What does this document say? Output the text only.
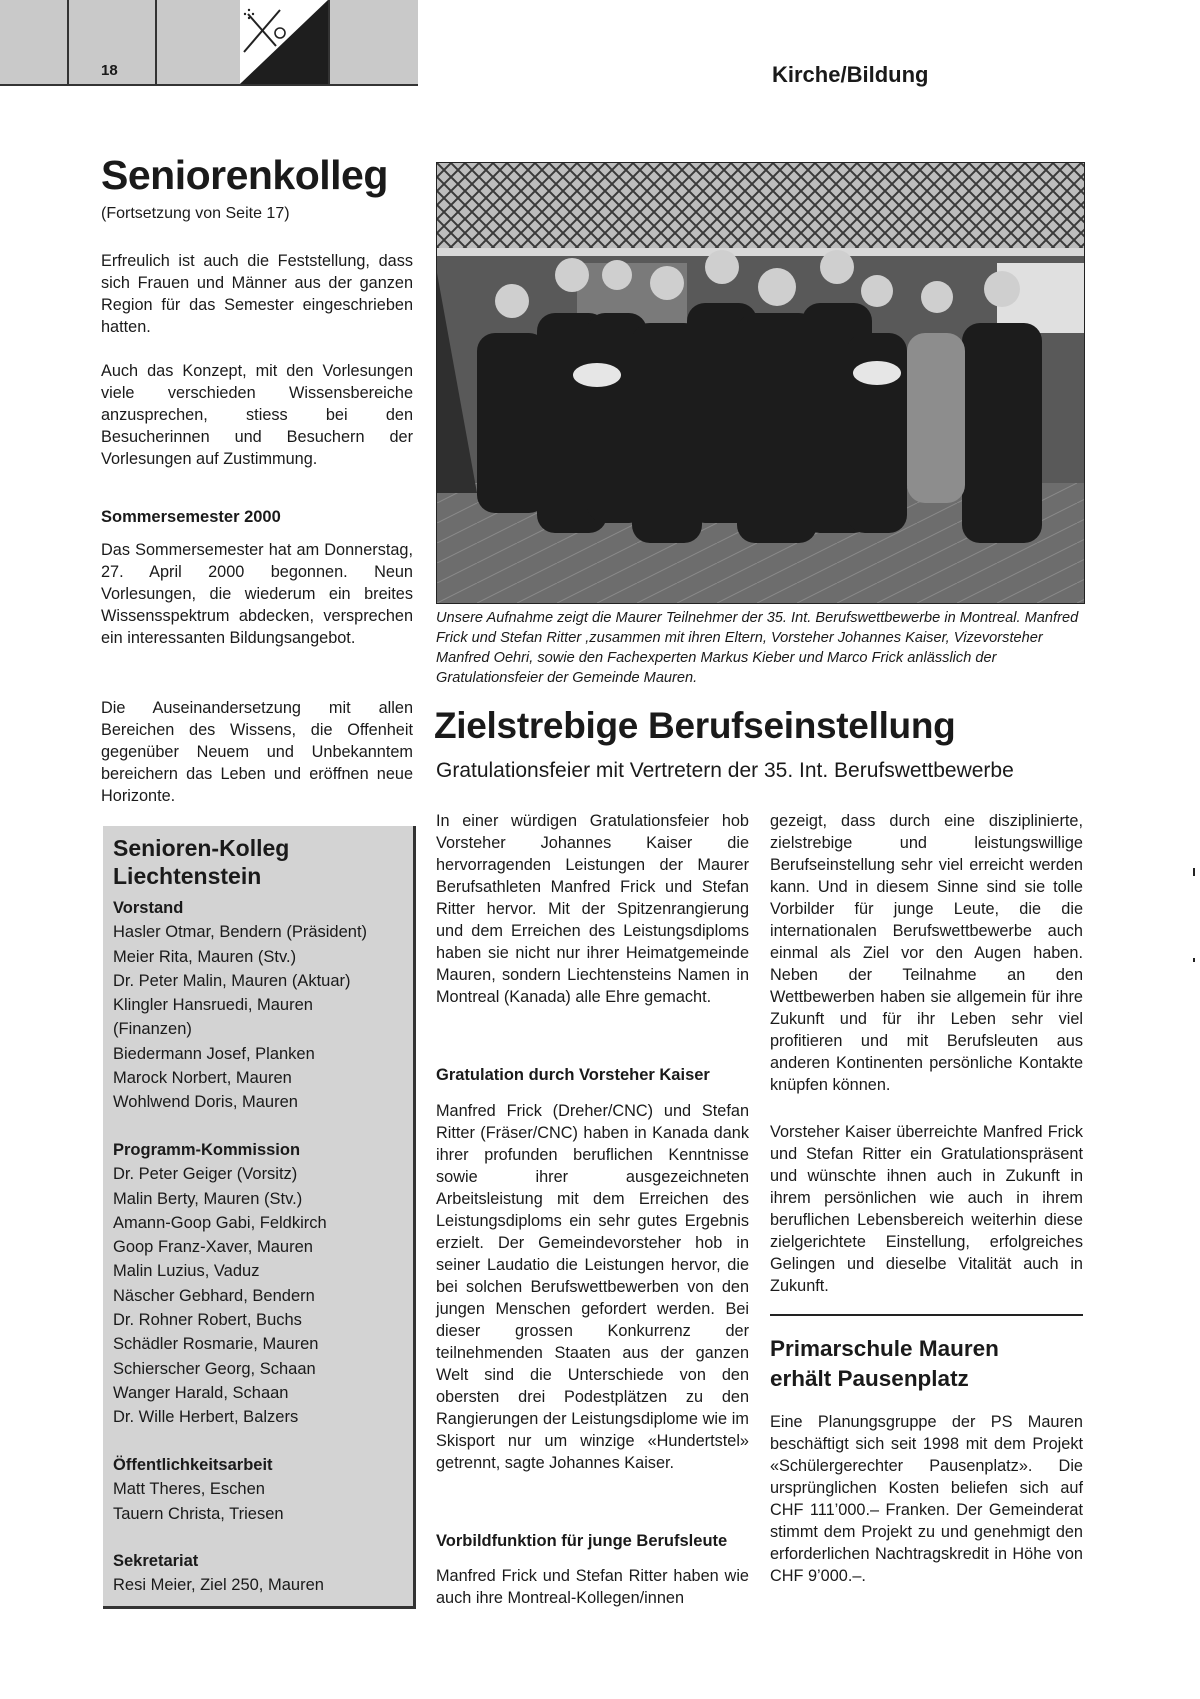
18	Kirche/Bildung
Seniorenkolleg
(Fortsetzung von Seite 17)

Erfreulich ist auch die Feststellung, dass sich Frauen und Männer aus der ganzen Region für das Semester eingeschrieben hatten.

Auch das Konzept, mit den Vorlesungen viele verschieden Wissensbereiche anzusprechen, stiess bei den Besucherinnen und Besuchern der Vorlesungen auf Zustimmung.

Sommersemester 2000

Das Sommersemester hat am Donnerstag, 27. April 2000 begonnen. Neun Vorlesungen, die wiederum ein breites Wissensspektrum abdecken, versprechen ein interessanten Bildungsangebot.

Die Auseinandersetzung mit allen Bereichen des Wissens, die Offenheit gegenüber Neuem und Unbekanntem bereichern das Leben und eröffnen neue Horizonte.

Senioren-Kolleg
Liechtenstein
Vorstand
Hasler Otmar, Bendern (Präsident)
Meier Rita, Mauren (Stv.)
Dr. Peter Malin, Mauren (Aktuar)
Klingler Hansruedi, Mauren
(Finanzen)
Biedermann Josef, Planken
Marock Norbert, Mauren
Wohlwend Doris, Mauren
Programm-Kommission
Dr. Peter Geiger (Vorsitz)
Malin Berty, Mauren (Stv.)
Amann-Goop Gabi, Feldkirch
Goop Franz-Xaver, Mauren
Malin Luzius, Vaduz
Näscher Gebhard, Bendern
Dr. Rohner Robert, Buchs
Schädler Rosmarie, Mauren
Schierscher Georg, Schaan
Wanger Harald, Schaan
Dr. Wille Herbert, Balzers
Öffentlichkeitsarbeit
Matt Theres, Eschen
Tauern Christa, Triesen
Sekretariat
Resi Meier, Ziel 250, Mauren
Unsere Aufnahme zeigt die Maurer Teilnehmer der 35. Int. Berufswettbewerbe in Montreal. Manfred Frick und Stefan Ritter ,zusammen mit ihren Eltern, Vorsteher Johannes Kaiser, Vizevorsteher Manfred Oehri, sowie den Fachexperten Markus Kieber und Marco Frick anlässlich der Gratulationsfeier der Gemeinde Mauren.
Zielstrebige Berufseinstellung
Gratulationsfeier mit Vertretern der 35. Int. Berufswettbewerbe

In einer würdigen Gratulationsfeier hob Vorsteher Johannes Kaiser die hervorragenden Leistungen der Maurer Berufsathleten Manfred Frick und Stefan Ritter hervor. Mit der Spitzenrangierung und dem Erreichen des Leistungsdiploms haben sie nicht nur ihrer Heimatgemeinde Mauren, sondern Liechtensteins Namen in Montreal (Kanada) alle Ehre gemacht.

Gratulation durch Vorsteher Kaiser

Manfred Frick (Dreher/CNC) und Stefan Ritter (Fräser/CNC) haben in Kanada dank ihrer profunden beruflichen Kenntnisse sowie ihrer ausgezeichneten Arbeitsleistung mit dem Erreichen des Leistungsdiploms ein sehr gutes Ergebnis erzielt. Der Gemeindevorsteher hob in seiner Laudatio die Leistungen hervor, die bei solchen Berufswettbewerben von den jungen Menschen gefordert werden. Bei dieser grossen Konkurrenz der teilnehmenden Staaten aus der ganzen Welt sind die Unterschiede von den obersten drei Podestplätzen zu den Rangierungen der Leistungsdiplome wie im Skisport nur um winzige «Hundertstel» getrennt, sagte Johannes Kaiser.

Vorbildfunktion für junge Berufsleute

Manfred Frick und Stefan Ritter haben wie auch ihre Montreal-Kollegen/innen

gezeigt, dass durch eine disziplinierte, zielstrebige und leistungswillige Berufseinstellung sehr viel erreicht werden kann. Und in diesem Sinne sind sie tolle Vorbilder für junge Leute, die die internationalen Berufswettbewerbe auch einmal als Ziel vor den Augen haben. Neben der Teilnahme an den Wettbewerben haben sie allgemein für ihre Zukunft und für ihr Leben sehr viel profitieren und mit Berufsleuten aus anderen Kontinenten persönliche Kontakte knüpfen können.

Vorsteher Kaiser überreichte Manfred Frick und Stefan Ritter ein Gratulationspräsent und wünschte ihnen auch in Zukunft in ihrem persönlichen wie auch in ihrem beruflichen Lebensbereich weiterhin diese zielgerichtete Einstellung, erfolgreiches Gelingen und dieselbe Vitalität auch in Zukunft.

Primarschule Mauren
erhält Pausenplatz

Eine Planungsgruppe der PS Mauren beschäftigt sich seit 1998 mit dem Projekt «Schülergerechter Pausenplatz». Die ursprünglichen Kosten beliefen sich auf CHF 111’000.– Franken. Der Gemeinderat stimmt dem Projekt zu und genehmigt den erforderlichen Nachtragskredit in Höhe von CHF 9’000.–.
